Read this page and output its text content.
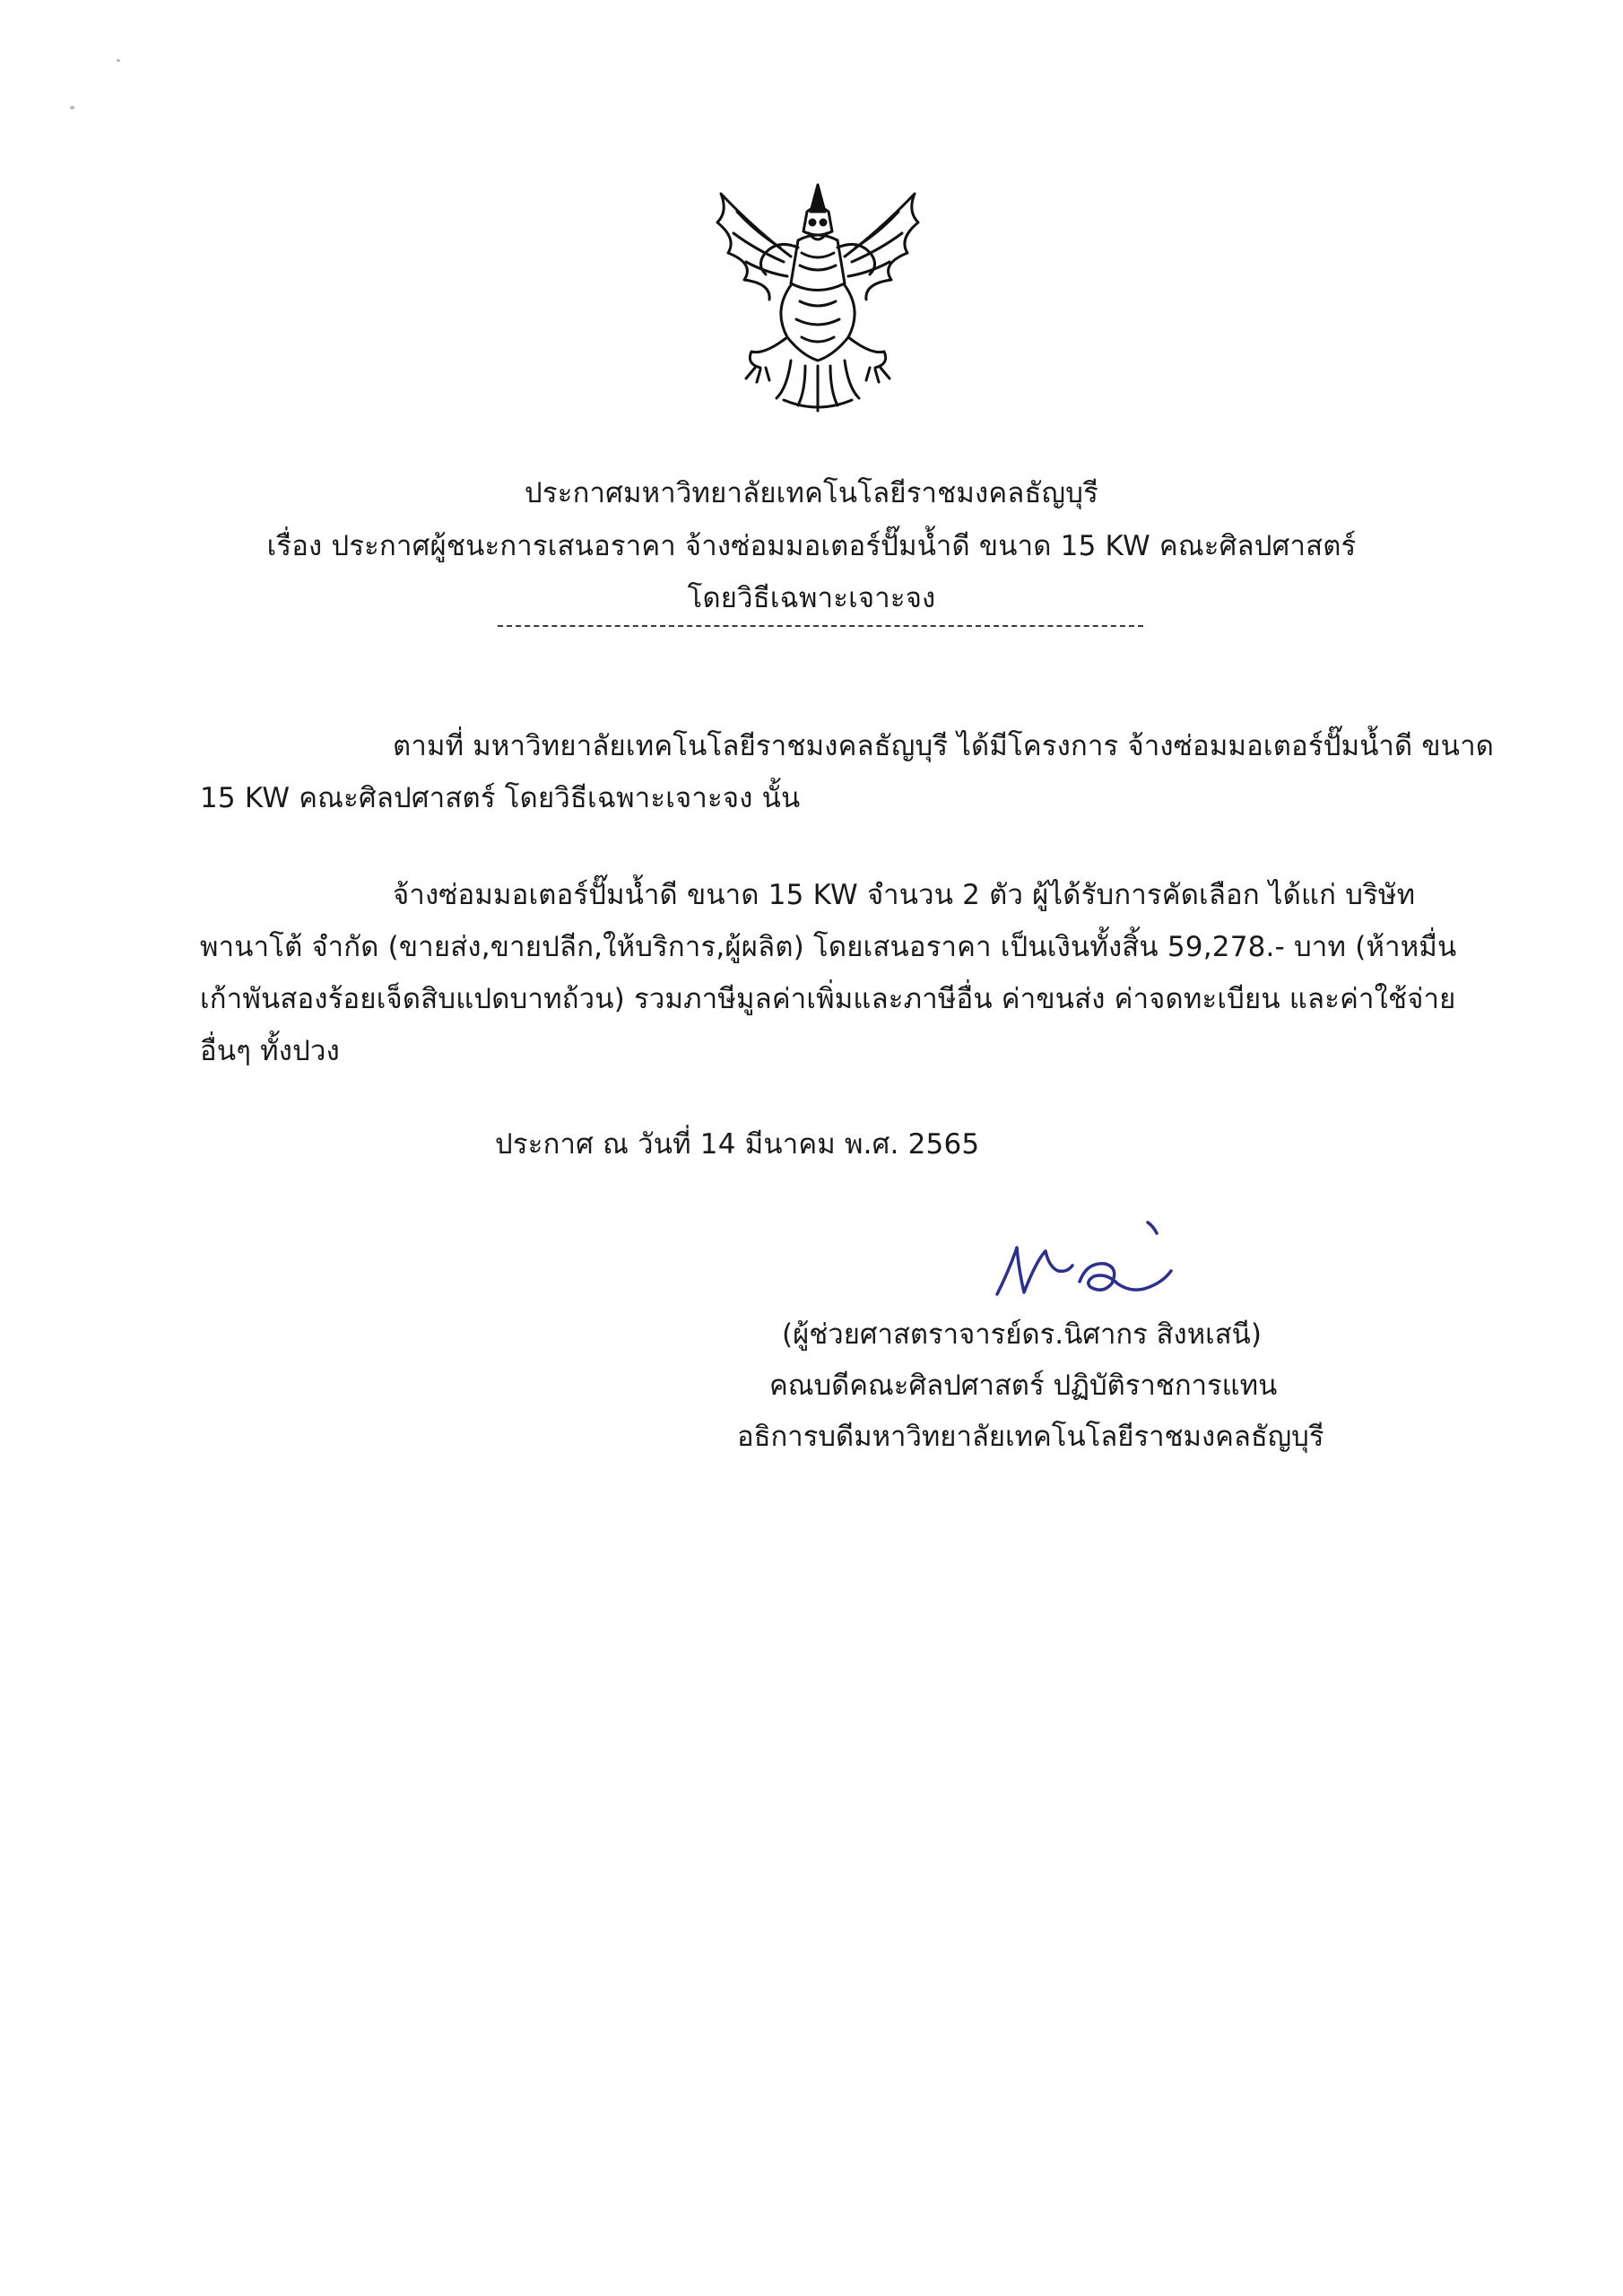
ประกาศมหาวิทยาลัยเทคโนโลยีราชมงคลธัญบุรี
เรื่อง ประกาศผู้ชนะการเสนอราคา จ้างซ่อมมอเตอร์ปั๊มน้ำดี ขนาด 15 KW คณะศิลปศาสตร์
โดยวิธีเฉพาะเจาะจง
ตามที่ มหาวิทยาลัยเทคโนโลยีราชมงคลธัญบุรี ได้มีโครงการ จ้างซ่อมมอเตอร์ปั๊มน้ำดี ขนาด
15 KW คณะศิลปศาสตร์ โดยวิธีเฉพาะเจาะจง นั้น
จ้างซ่อมมอเตอร์ปั๊มน้ำดี ขนาด 15 KW จำนวน 2 ตัว ผู้ได้รับการคัดเลือก ได้แก่ บริษัท
พานาโต้ จำกัด (ขายส่ง,ขายปลีก,ให้บริการ,ผู้ผลิต) โดยเสนอราคา เป็นเงินทั้งสิ้น 59,278.- บาท (ห้าหมื่น
เก้าพันสองร้อยเจ็ดสิบแปดบาทถ้วน) รวมภาษีมูลค่าเพิ่มและภาษีอื่น ค่าขนส่ง ค่าจดทะเบียน และค่าใช้จ่าย
อื่นๆ ทั้งปวง
ประกาศ ณ วันที่ 14 มีนาคม พ.ศ. 2565
(ผู้ช่วยศาสตราจารย์ดร.นิศากร สิงหเสนี)
คณบดีคณะศิลปศาสตร์ ปฏิบัติราชการแทน
อธิการบดีมหาวิทยาลัยเทคโนโลยีราชมงคลธัญบุรี
